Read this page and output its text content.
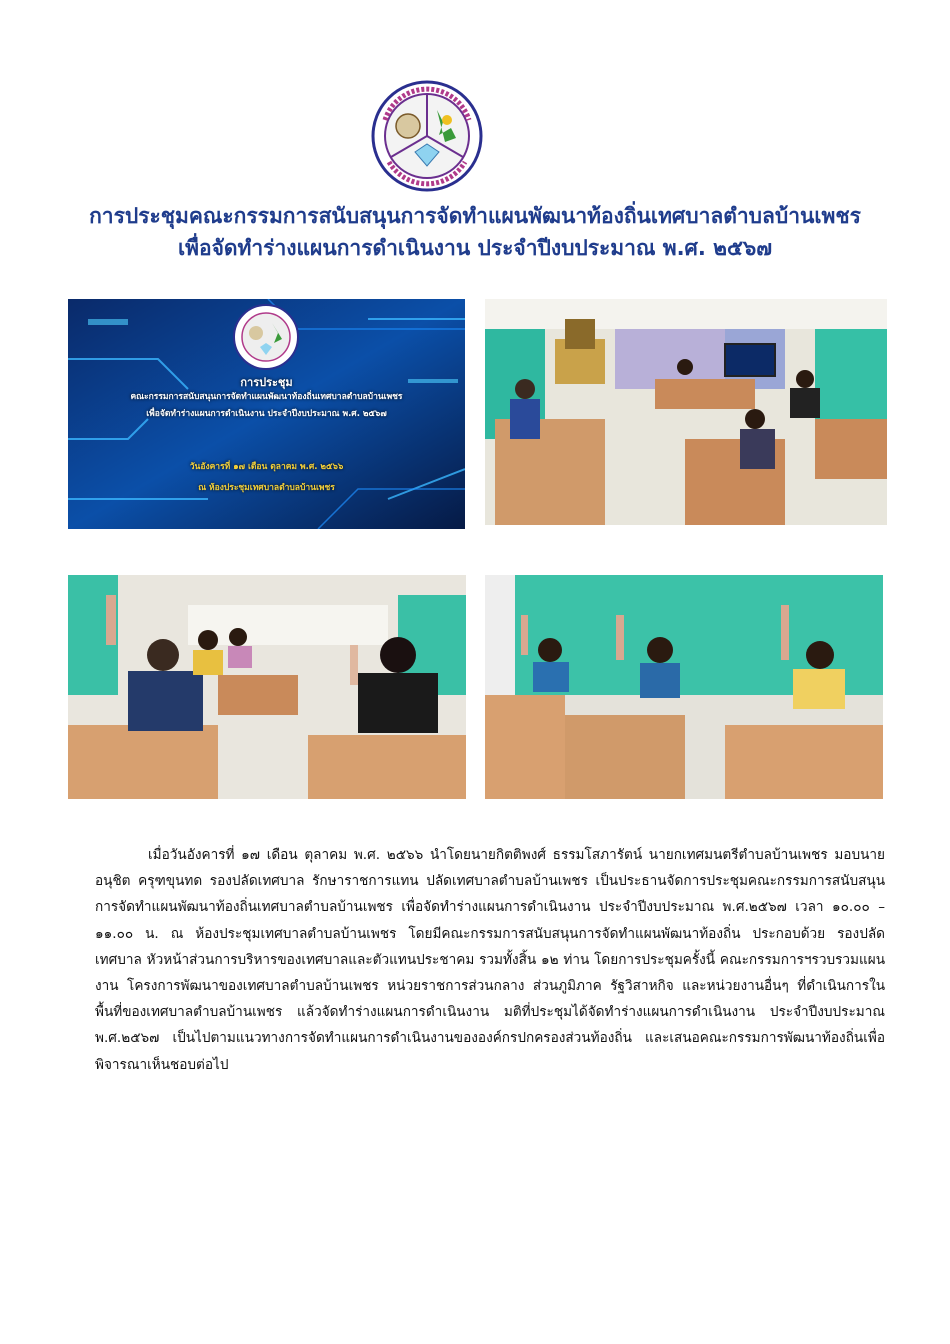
การประชุมคณะกรรมการสนับสนุนการจัดทำแผนพัฒนาท้องถิ่นเทศบาลตำบลบ้านเพชร
เพื่อจัดทำร่างแผนการดำเนินงาน ประจำปีงบประมาณ พ.ศ. ๒๕๖๗
การประชุม
คณะกรรมการสนับสนุนการจัดทำแผนพัฒนาท้องถิ่นเทศบาลตำบลบ้านเพชร
เพื่อจัดทำร่างแผนการดำเนินงาน ประจำปีงบประมาณ พ.ศ. ๒๕๖๗
วันอังคารที่ ๑๗ เดือน ตุลาคม พ.ศ. ๒๕๖๖
ณ ห้องประชุมเทศบาลตำบลบ้านเพชร
เมื่อวันอังคารที่ ๑๗ เดือน ตุลาคม พ.ศ. ๒๕๖๖ นำโดยนายกิตติพงศ์ ธรรมโสภารัตน์ นายกเทศมนตรีตำบลบ้านเพชร มอบนายอนุชิต ครุฑขุนทด รองปลัดเทศบาล รักษาราชการแทน ปลัดเทศบาลตำบลบ้านเพชร เป็นประธานจัดการประชุมคณะกรรมการสนับสนุนการจัดทำแผนพัฒนาท้องถิ่นเทศบาลตำบลบ้านเพชร เพื่อจัดทำร่างแผนการดำเนินงาน ประจำปีงบประมาณ พ.ศ.๒๕๖๗ เวลา ๑๐.๐๐ – ๑๑.๐๐ น. ณ ห้องประชุมเทศบาลตำบลบ้านเพชร โดยมีคณะกรรมการสนับสนุนการจัดทำแผนพัฒนาท้องถิ่น ประกอบด้วย รองปลัดเทศบาล หัวหน้าส่วนการบริหารของเทศบาลและตัวแทนประชาคม รวมทั้งสิ้น ๑๒ ท่าน โดยการประชุมครั้งนี้ คณะกรรมการฯรวบรวมแผนงาน โครงการพัฒนาของเทศบาลตำบลบ้านเพชร หน่วยราชการส่วนกลาง ส่วนภูมิภาค รัฐวิสาหกิจ และหน่วยงานอื่นๆ ที่ดำเนินการในพื้นที่ของเทศบาลตำบลบ้านเพชร แล้วจัดทำร่างแผนการดำเนินงาน มติที่ประชุมได้จัดทำร่างแผนการดำเนินงาน ประจำปีงบประมาณ พ.ศ.๒๕๖๗ เป็นไปตามแนวทางการจัดทำแผนการดำเนินงานขององค์กรปกครองส่วนท้องถิ่น และเสนอคณะกรรมการพัฒนาท้องถิ่นเพื่อพิจารณาเห็นชอบต่อไป
